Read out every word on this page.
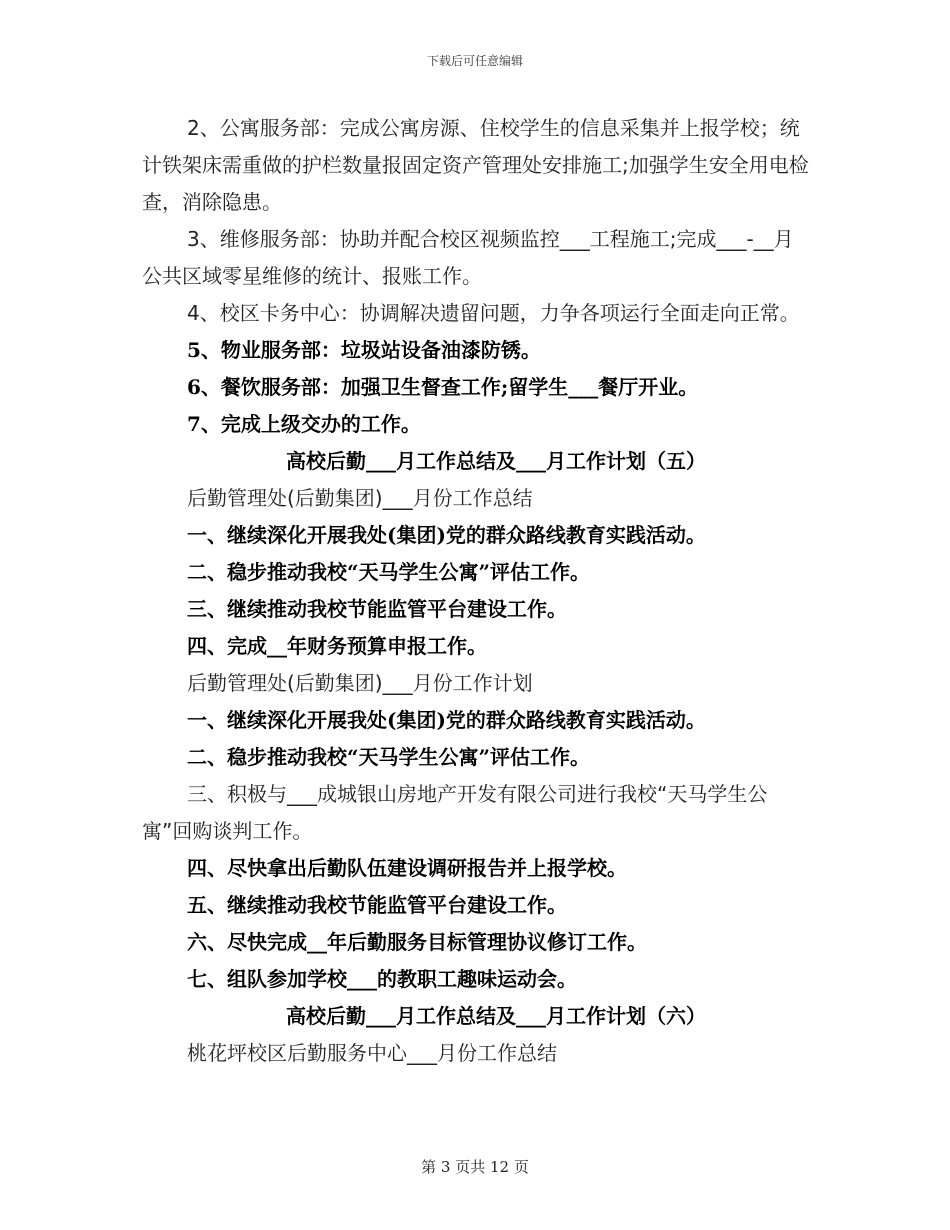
下载后可任意编辑

2、公寓服务部：完成公寓房源、住校学生的信息采集并上报学校；统计铁架床需重做的护栏数量报固定资产管理处安排施工;加强学生安全用电检查，消除隐患。

3、维修服务部：协助并配合校区视频监控___工程施工;完成___-__月公共区域零星维修的统计、报账工作。

4、校区卡务中心：协调解决遗留问题，力争各项运行全面走向正常。

5、物业服务部：垃圾站设备油漆防锈。

6、餐饮服务部：加强卫生督查工作;留学生___餐厅开业。

7、完成上级交办的工作。

高校后勤___月工作总结及___月工作计划（五）

后勤管理处(后勤集团)___月份工作总结

一、继续深化开展我处(集团)党的群众路线教育实践活动。

二、稳步推动我校“天马学生公寓”评估工作。

三、继续推动我校节能监管平台建设工作。

四、完成__年财务预算申报工作。

后勤管理处(后勤集团)___月份工作计划

一、继续深化开展我处(集团)党的群众路线教育实践活动。

二、稳步推动我校“天马学生公寓”评估工作。

三、积极与___成城银山房地产开发有限公司进行我校“天马学生公寓”回购谈判工作。

四、尽快拿出后勤队伍建设调研报告并上报学校。

五、继续推动我校节能监管平台建设工作。

六、尽快完成__年后勤服务目标管理协议修订工作。

七、组队参加学校___的教职工趣味运动会。

高校后勤___月工作总结及___月工作计划（六）

桃花坪校区后勤服务中心___月份工作总结

第 3 页共 12 页
